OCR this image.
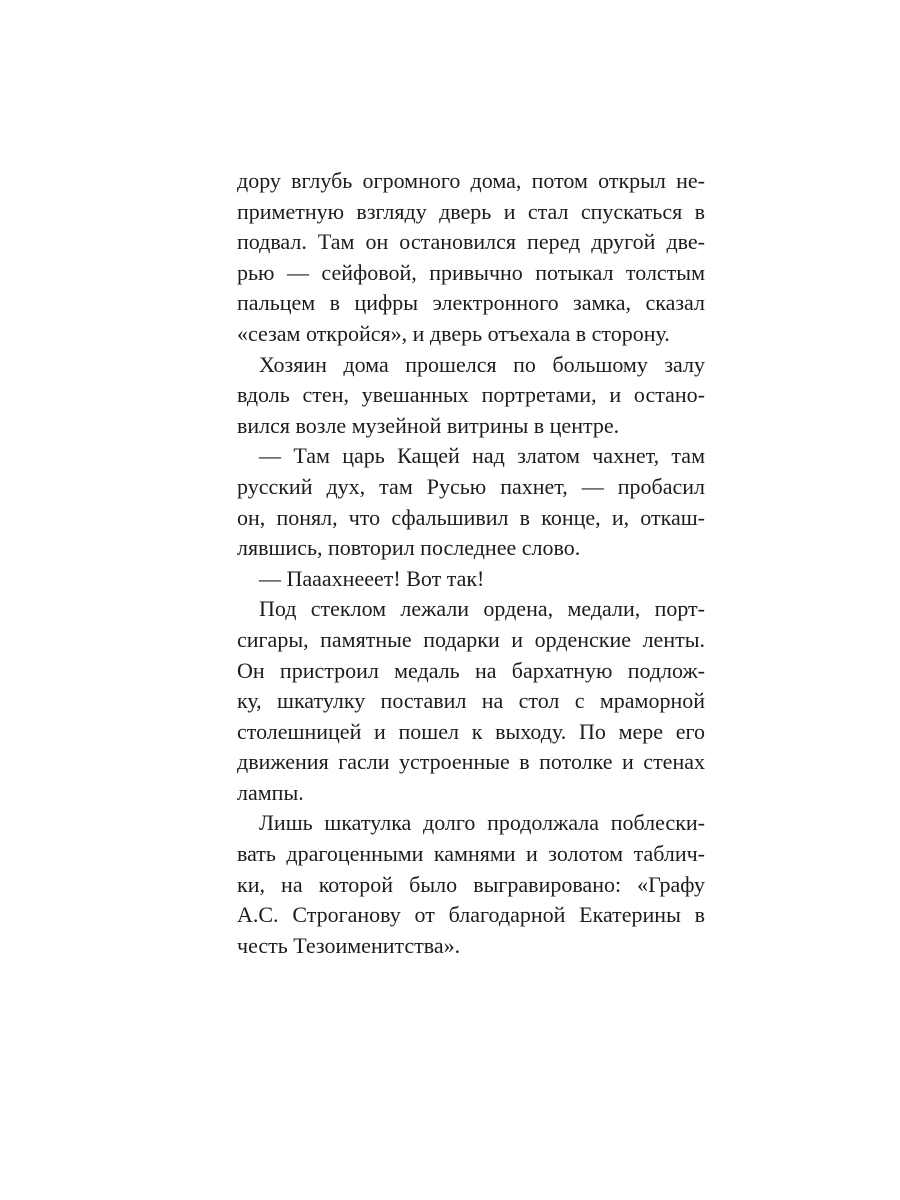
дору вглубь огромного дома, потом открыл не-
приметную взгляду дверь и стал спускаться в
подвал. Там он остановился перед другой две-
рью — сейфовой, привычно потыкал толстым
пальцем в цифры электронного замка, сказал
«сезам откройся», и дверь отъехала в сторону.
Хозяин дома прошелся по большому залу
вдоль стен, увешанных портретами, и остано-
вился возле музейной витрины в центре.
— Там царь Кащей над златом чахнет, там
русский дух, там Русью пахнет, — пробасил
он, понял, что сфальшивил в конце, и, откаш-
лявшись, повторил последнее слово.
— Пааахнееет! Вот так!
Под стеклом лежали ордена, медали, порт-
сигары, памятные подарки и орденские ленты.
Он пристроил медаль на бархатную подлож-
ку, шкатулку поставил на стол с мраморной
столешницей и пошел к выходу. По мере его
движения гасли устроенные в потолке и стенах
лампы.
Лишь шкатулка долго продолжала поблески-
вать драгоценными камнями и золотом таблич-
ки, на которой было выгравировано: «Графу
А.С. Строганову от благодарной Екатерины в
честь Тезоименитства».
